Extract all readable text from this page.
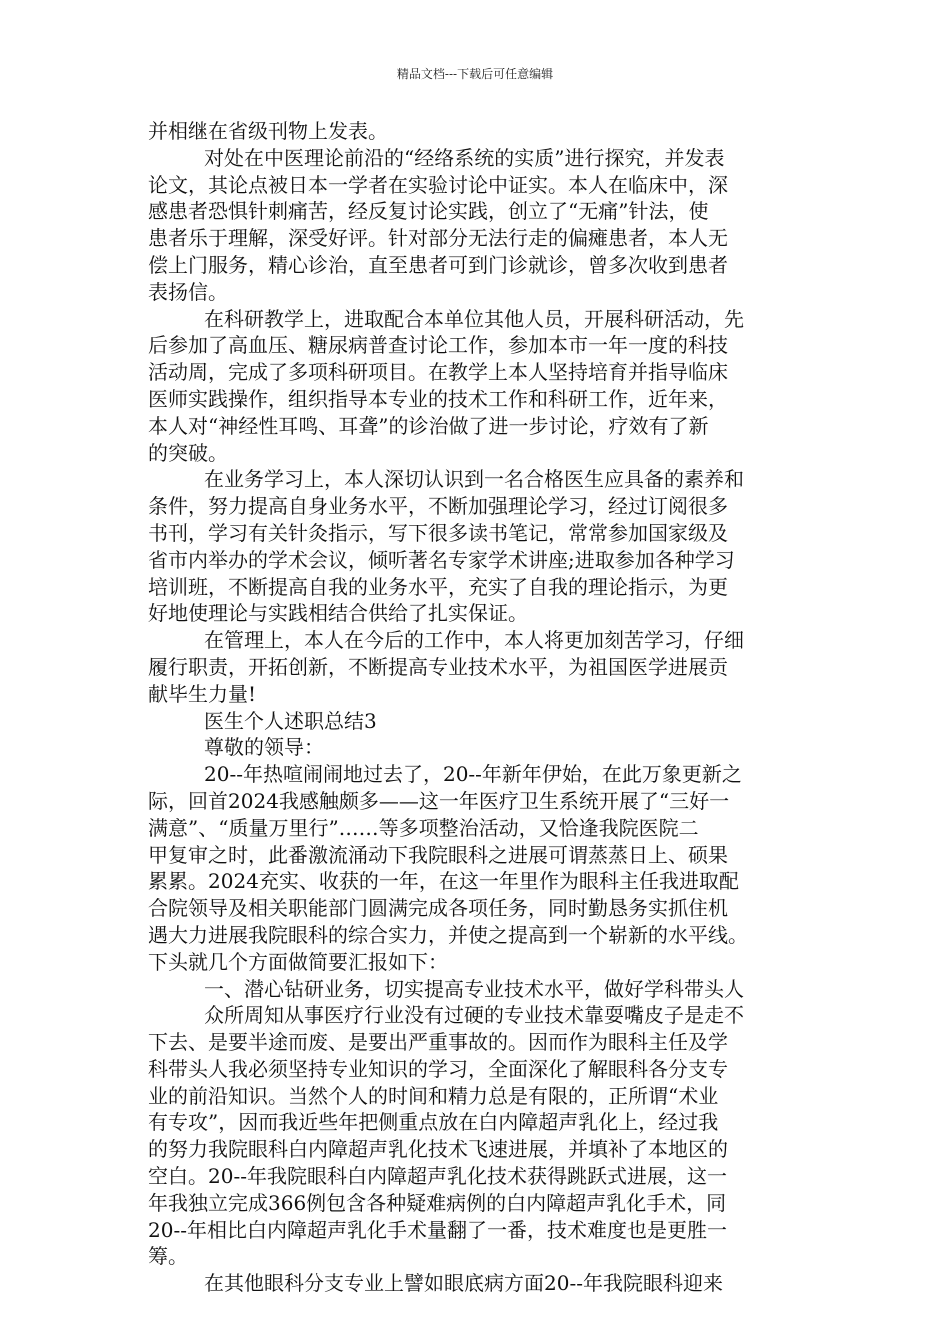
精品文档---下载后可任意编辑
并相继在省级刊物上发表。
对处在中医理论前沿的“经络系统的实质”进行探究，并发表
论文，其论点被日本一学者在实验讨论中证实。本人在临床中，深
感患者恐惧针刺痛苦，经反复讨论实践，创立了“无痛”针法，使
患者乐于理解，深受好评。针对部分无法行走的偏瘫患者，本人无
偿上门服务，精心诊治，直至患者可到门诊就诊，曾多次收到患者
表扬信。
在科研教学上，进取配合本单位其他人员，开展科研活动，先
后参加了高血压、糖尿病普查讨论工作，参加本市一年一度的科技
活动周，完成了多项科研项目。在教学上本人坚持培育并指导临床
医师实践操作，组织指导本专业的技术工作和科研工作，近年来，
本人对“神经性耳鸣、耳聋”的诊治做了进一步讨论，疗效有了新
的突破。
在业务学习上，本人深切认识到一名合格医生应具备的素养和
条件，努力提高自身业务水平，不断加强理论学习，经过订阅很多
书刊，学习有关针灸指示，写下很多读书笔记，常常参加国家级及
省市内举办的学术会议，倾听著名专家学术讲座;进取参加各种学习
培训班，不断提高自我的业务水平，充实了自我的理论指示，为更
好地使理论与实践相结合供给了扎实保证。
在管理上，本人在今后的工作中，本人将更加刻苦学习，仔细
履行职责，开拓创新，不断提高专业技术水平，为祖国医学进展贡
献毕生力量!
医生个人述职总结3
尊敬的领导：
20--年热喧闹闹地过去了，20--年新年伊始，在此万象更新之
际，回首2024我感触颇多——这一年医疗卫生系统开展了“三好一
满意”、“质量万里行”……等多项整治活动，又恰逢我院医院二
甲复审之时，此番激流涌动下我院眼科之进展可谓蒸蒸日上、硕果
累累。2024充实、收获的一年，在这一年里作为眼科主任我进取配
合院领导及相关职能部门圆满完成各项任务，同时勤恳务实抓住机
遇大力进展我院眼科的综合实力，并使之提高到一个崭新的水平线。
下头就几个方面做简要汇报如下：
一、潜心钻研业务，切实提高专业技术水平，做好学科带头人
众所周知从事医疗行业没有过硬的专业技术靠耍嘴皮子是走不
下去、是要半途而废、是要出严重事故的。因而作为眼科主任及学
科带头人我必须坚持专业知识的学习，全面深化了解眼科各分支专
业的前沿知识。当然个人的时间和精力总是有限的，正所谓“术业
有专攻”，因而我近些年把侧重点放在白内障超声乳化上，经过我
的努力我院眼科白内障超声乳化技术飞速进展，并填补了本地区的
空白。20--年我院眼科白内障超声乳化技术获得跳跃式进展，这一
年我独立完成366例包含各种疑难病例的白内障超声乳化手术，同
20--年相比白内障超声乳化手术量翻了一番，技术难度也是更胜一
筹。
在其他眼科分支专业上譬如眼底病方面20--年我院眼科迎来
